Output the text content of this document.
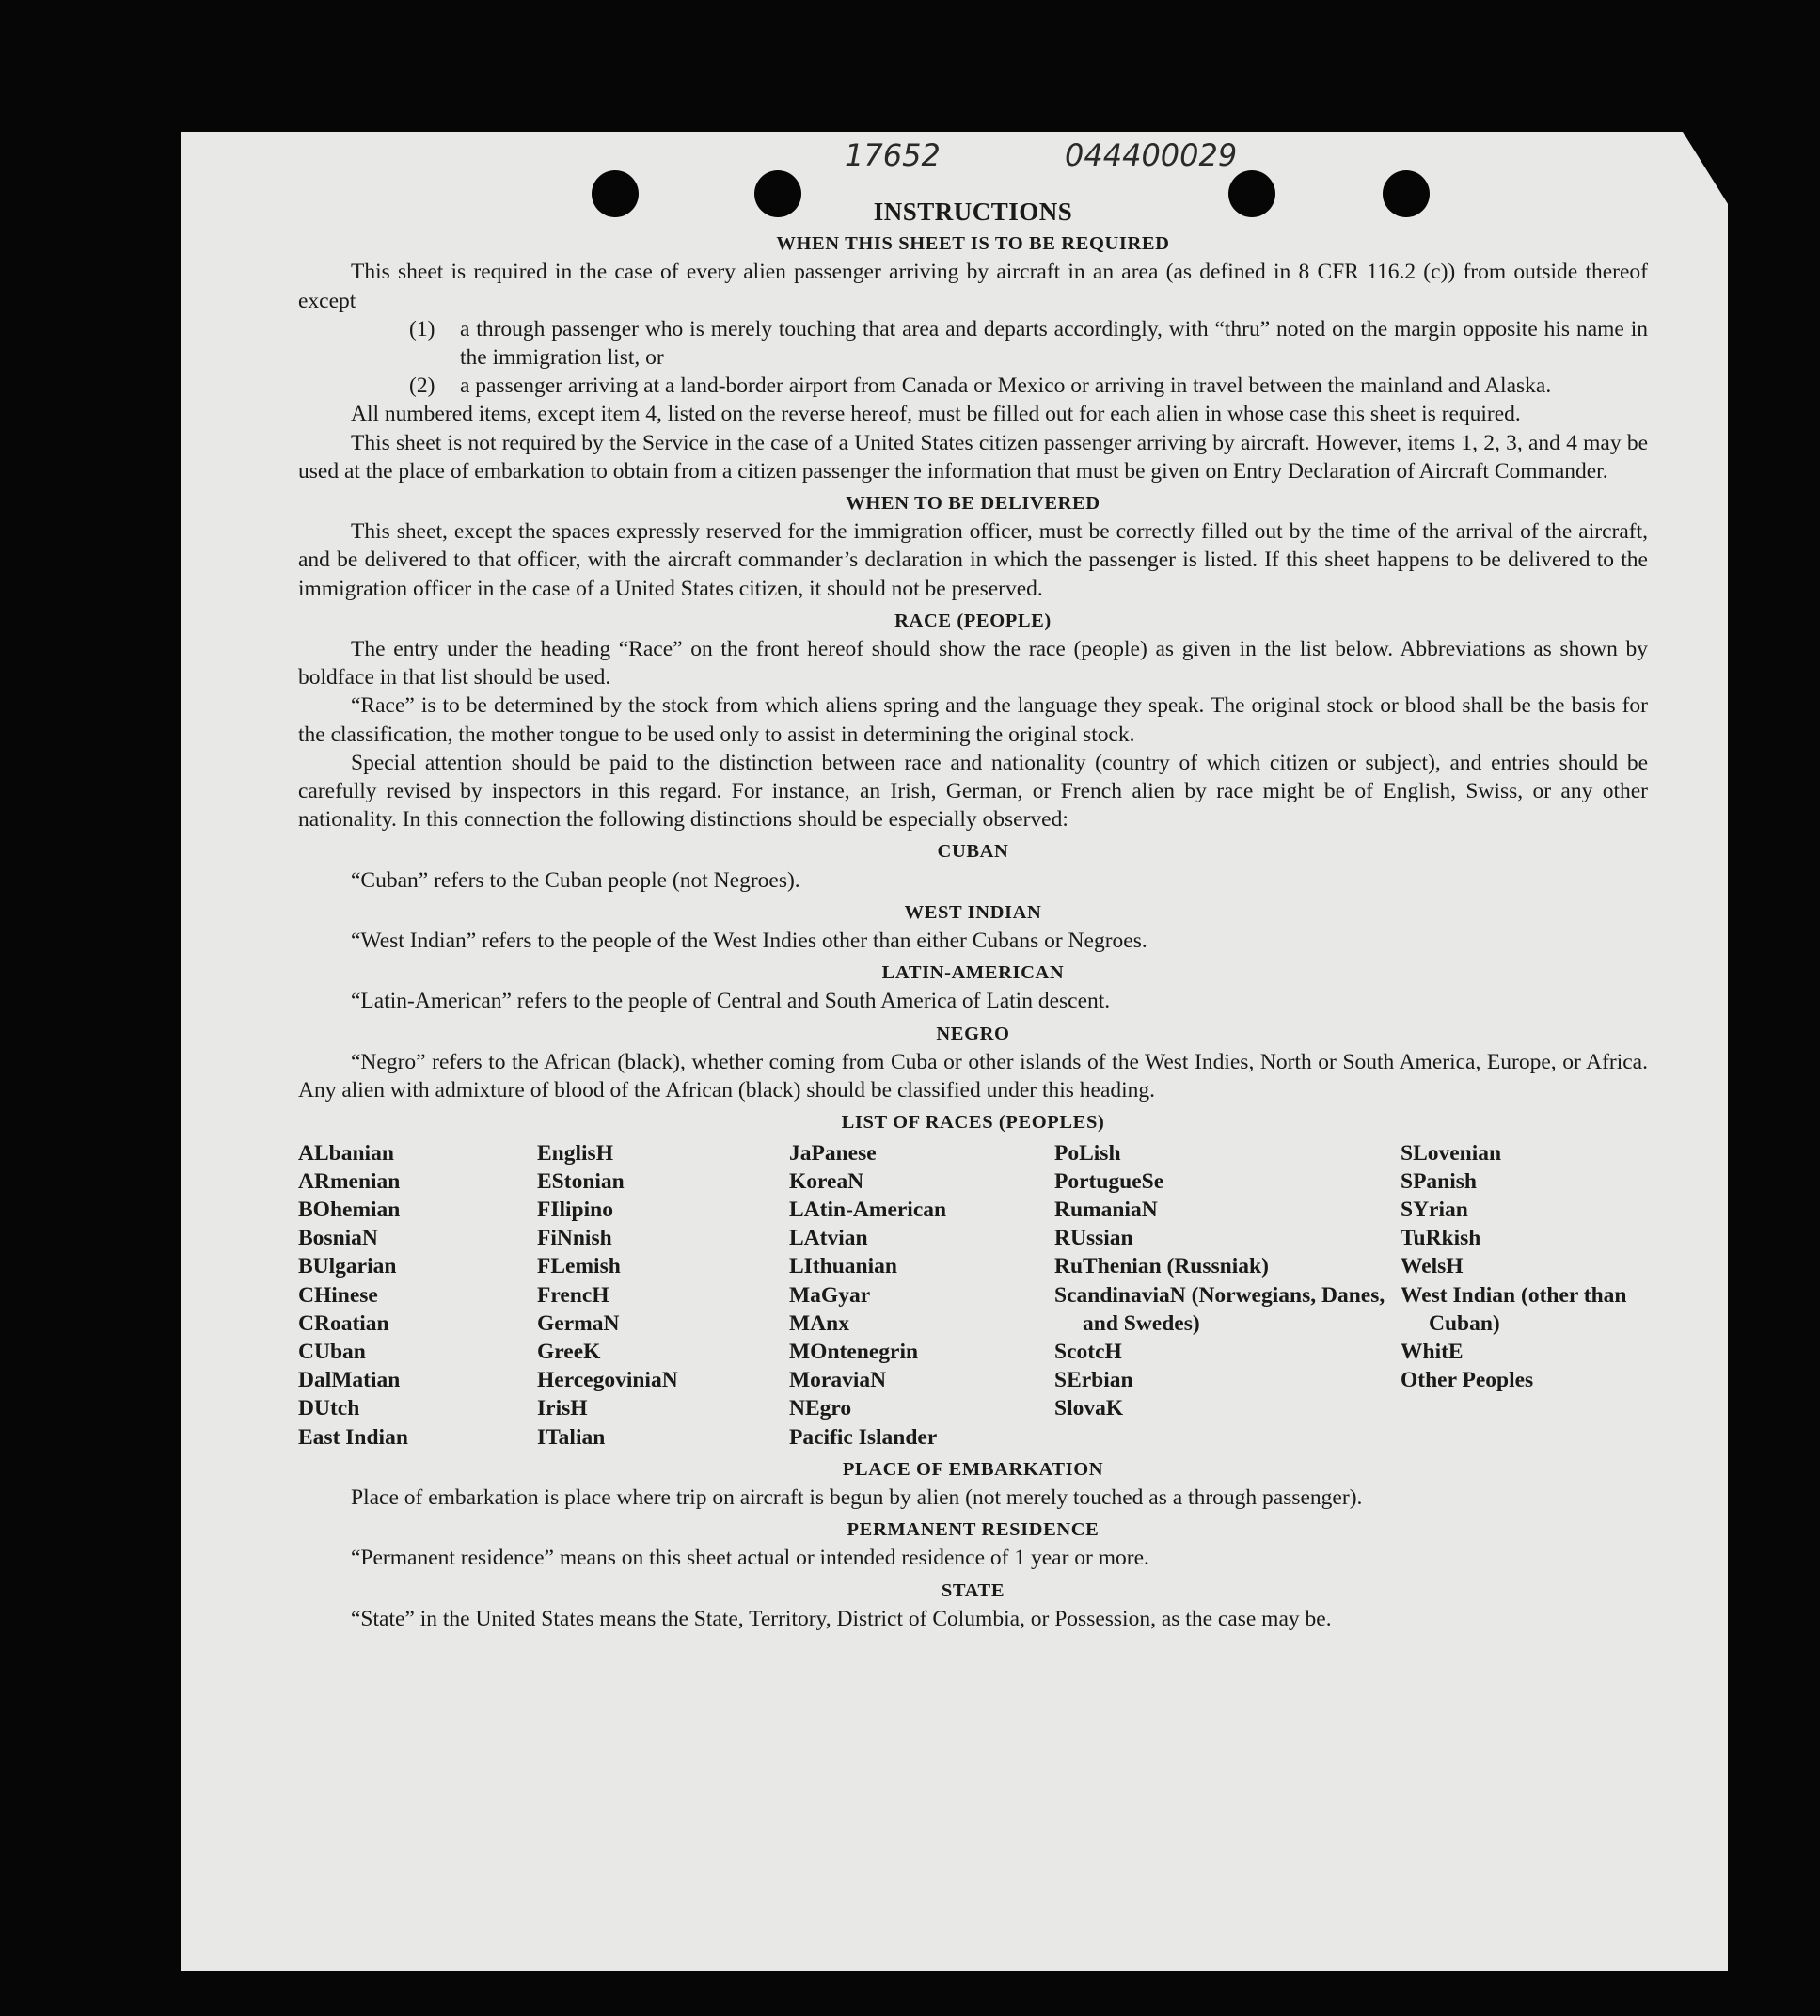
17652	044400029
INSTRUCTIONS
WHEN THIS SHEET IS TO BE REQUIRED

This sheet is required in the case of every alien passenger arriving by aircraft in an area (as defined in 8 CFR 116.2 (c)) from outside thereof except

(1) a through passenger who is merely touching that area and departs accordingly, with “thru” noted on the margin opposite his name in the immigration list, or

(2) a passenger arriving at a land-border airport from Canada or Mexico or arriving in travel between the mainland and Alaska.

All numbered items, except item 4, listed on the reverse hereof, must be filled out for each alien in whose case this sheet is required.

This sheet is not required by the Service in the case of a United States citizen passenger arriving by aircraft. However, items 1, 2, 3, and 4 may be used at the place of embarkation to obtain from a citizen passenger the information that must be given on Entry Declaration of Aircraft Commander.

WHEN TO BE DELIVERED

This sheet, except the spaces expressly reserved for the immigration officer, must be correctly filled out by the time of the arrival of the aircraft, and be delivered to that officer, with the aircraft commander’s declaration in which the passenger is listed. If this sheet happens to be delivered to the immigration officer in the case of a United States citizen, it should not be preserved.

RACE (PEOPLE)

The entry under the heading “Race” on the front hereof should show the race (people) as given in the list below. Abbreviations as shown by boldface in that list should be used.

“Race” is to be determined by the stock from which aliens spring and the language they speak. The original stock or blood shall be the basis for the classification, the mother tongue to be used only to assist in determining the original stock.

Special attention should be paid to the distinction between race and nationality (country of which citizen or subject), and entries should be carefully revised by inspectors in this regard. For instance, an Irish, German, or French alien by race might be of English, Swiss, or any other nationality. In this connection the following distinctions should be especially observed:

CUBAN

“Cuban” refers to the Cuban people (not Negroes).

WEST INDIAN

“West Indian” refers to the people of the West Indies other than either Cubans or Negroes.

LATIN-AMERICAN

“Latin-American” refers to the people of Central and South America of Latin descent.

NEGRO

“Negro” refers to the African (black), whether coming from Cuba or other islands of the West Indies, North or South America, Europe, or Africa. Any alien with admixture of blood of the African (black) should be classified under this heading.

LIST OF RACES (PEOPLES)
ALbanian
ARmenian
BOhemian
BosniaN
BUlgarian
CHinese
CRoatian
CUban
DalMatian
DUtch
East Indian
EnglisH
EStonian
FIlipino
FiNnish
FLemish
FrencH
GermaN
GreeK
HercegoviniaN
IrisH
ITalian
JaPanese
KoreaN
LAtin-American
LAtvian
LIthuanian
MaGyar
MAnx
MOntenegrin
MoraviaN
NEgro
Pacific Islander
PoLish
PortugueSe
RumaniaN
RUssian
RuThenian (Russniak)
ScandinaviaN (Norwegians, Danes, and Swedes)
ScotcH
SErbian
SlovaK
SLovenian
SPanish
SYrian
TuRkish
WelsH
West Indian (other than Cuban)
WhitE
Other Peoples
PLACE OF EMBARKATION

Place of embarkation is place where trip on aircraft is begun by alien (not merely touched as a through passenger).

PERMANENT RESIDENCE

“Permanent residence” means on this sheet actual or intended residence of 1 year or more.

STATE

“State” in the United States means the State, Territory, District of Columbia, or Possession, as the case may be.
